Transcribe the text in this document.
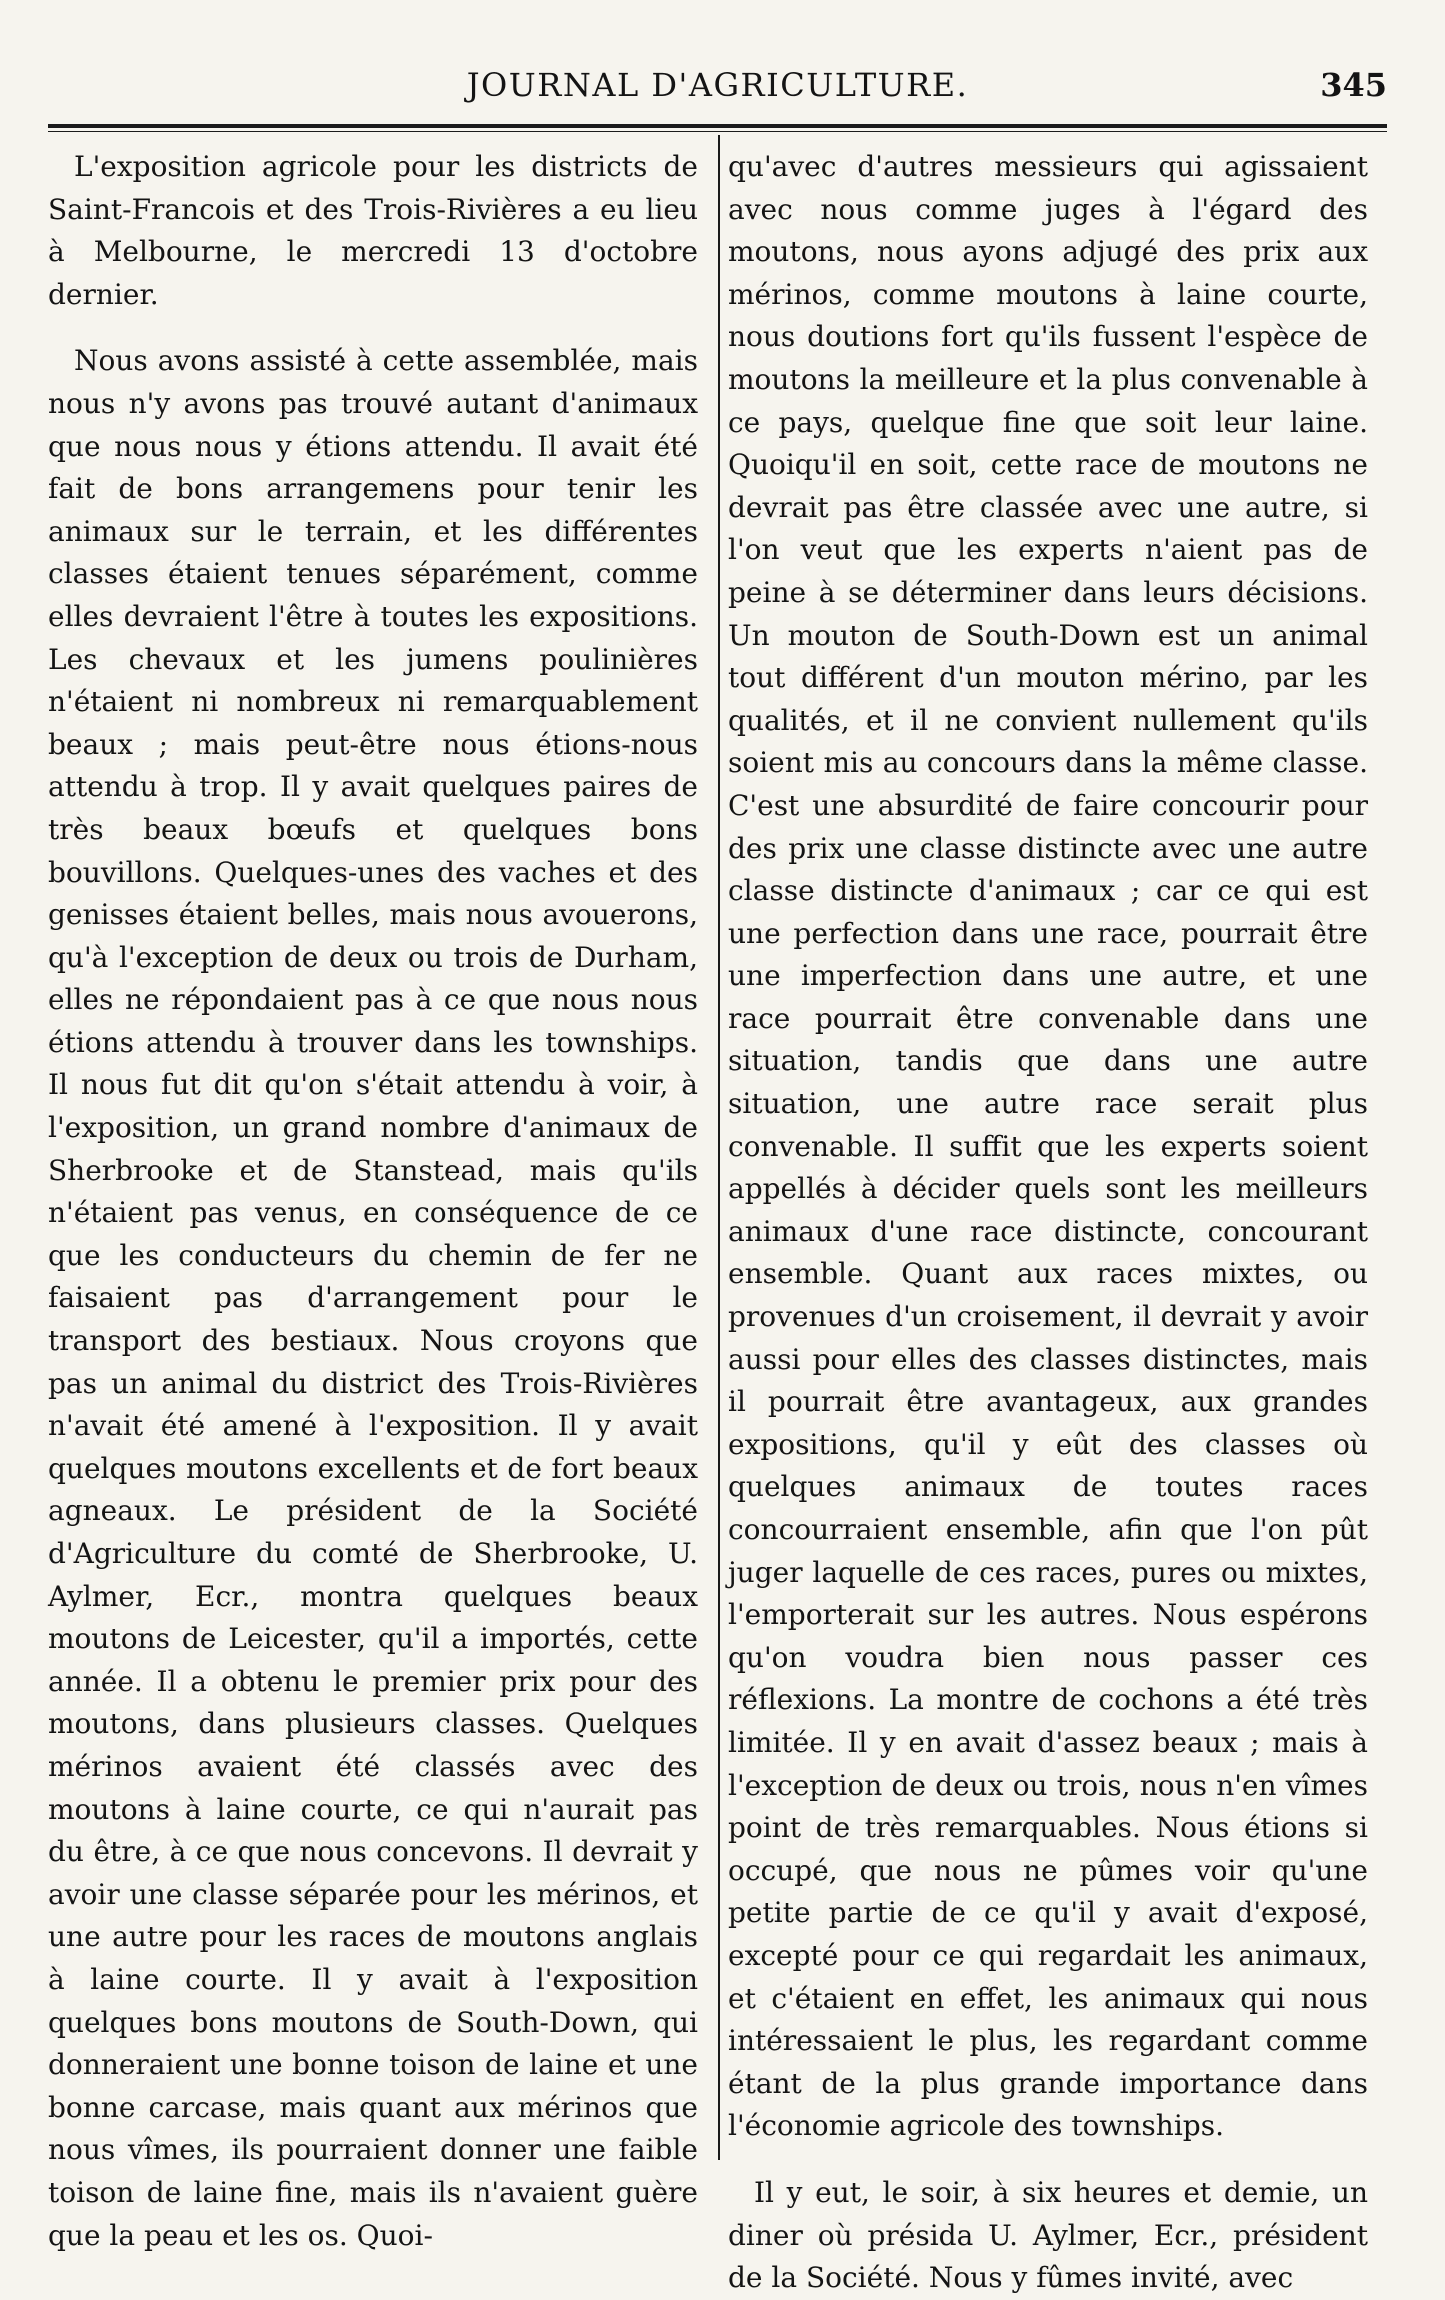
JOURNAL D'AGRICULTURE.	345

L'exposition agricole pour les districts de Saint-Francois et des Trois-Rivières a eu lieu à Melbourne, le mercredi 13 d'octobre dernier.

Nous avons assisté à cette assemblée, mais nous n'y avons pas trouvé autant d'animaux que nous nous y étions attendu. Il avait été fait de bons arrangemens pour tenir les animaux sur le terrain, et les différentes classes étaient tenues séparément, comme elles devraient l'être à toutes les expositions. Les chevaux et les jumens poulinières n'étaient ni nombreux ni remarquablement beaux ; mais peut-être nous étions-nous attendu à trop. Il y avait quelques paires de très beaux bœufs et quelques bons bouvillons. Quelques-unes des vaches et des genisses étaient belles, mais nous avouerons, qu'à l'exception de deux ou trois de Durham, elles ne répondaient pas à ce que nous nous étions attendu à trouver dans les townships. Il nous fut dit qu'on s'était attendu à voir, à l'exposition, un grand nombre d'animaux de Sherbrooke et de Stanstead, mais qu'ils n'étaient pas venus, en conséquence de ce que les conducteurs du chemin de fer ne faisaient pas d'arrangement pour le transport des bestiaux. Nous croyons que pas un animal du district des Trois-Rivières n'avait été amené à l'exposition. Il y avait quelques moutons excellents et de fort beaux agneaux. Le président de la Société d'Agriculture du comté de Sherbrooke, U. Aylmer, Ecr., montra quelques beaux moutons de Leicester, qu'il a importés, cette année. Il a obtenu le premier prix pour des moutons, dans plusieurs classes. Quelques mérinos avaient été classés avec des moutons à laine courte, ce qui n'aurait pas du être, à ce que nous concevons. Il devrait y avoir une classe séparée pour les mérinos, et une autre pour les races de moutons anglais à laine courte. Il y avait à l'exposition quelques bons moutons de South-Down, qui donneraient une bonne toison de laine et une bonne carcase, mais quant aux mérinos que nous vîmes, ils pourraient donner une faible toison de laine fine, mais ils n'avaient guère que la peau et les os. Quoi-

qu'avec d'autres messieurs qui agissaient avec nous comme juges à l'égard des moutons, nous ayons adjugé des prix aux mérinos, comme moutons à laine courte, nous doutions fort qu'ils fussent l'espèce de moutons la meilleure et la plus convenable à ce pays, quelque fine que soit leur laine. Quoiqu'il en soit, cette race de moutons ne devrait pas être classée avec une autre, si l'on veut que les experts n'aient pas de peine à se déterminer dans leurs décisions. Un mouton de South-Down est un animal tout différent d'un mouton mérino, par les qualités, et il ne convient nullement qu'ils soient mis au concours dans la même classe. C'est une absurdité de faire concourir pour des prix une classe distincte avec une autre classe distincte d'animaux ; car ce qui est une perfection dans une race, pourrait être une imperfection dans une autre, et une race pourrait être convenable dans une situation, tandis que dans une autre situation, une autre race serait plus convenable. Il suffit que les experts soient appellés à décider quels sont les meilleurs animaux d'une race distincte, concourant ensemble. Quant aux races mixtes, ou provenues d'un croisement, il devrait y avoir aussi pour elles des classes distinctes, mais il pourrait être avantageux, aux grandes expositions, qu'il y eût des classes où quelques animaux de toutes races concourraient ensemble, afin que l'on pût juger laquelle de ces races, pures ou mixtes, l'emporterait sur les autres. Nous espérons qu'on voudra bien nous passer ces réflexions. La montre de cochons a été très limitée. Il y en avait d'assez beaux ; mais à l'exception de deux ou trois, nous n'en vîmes point de très remarquables. Nous étions si occupé, que nous ne pûmes voir qu'une petite partie de ce qu'il y avait d'exposé, excepté pour ce qui regardait les animaux, et c'étaient en effet, les animaux qui nous intéressaient le plus, les regardant comme étant de la plus grande importance dans l'économie agricole des townships.

Il y eut, le soir, à six heures et demie, un diner où présida U. Aylmer, Ecr., président de la Société. Nous y fûmes invité, avec
